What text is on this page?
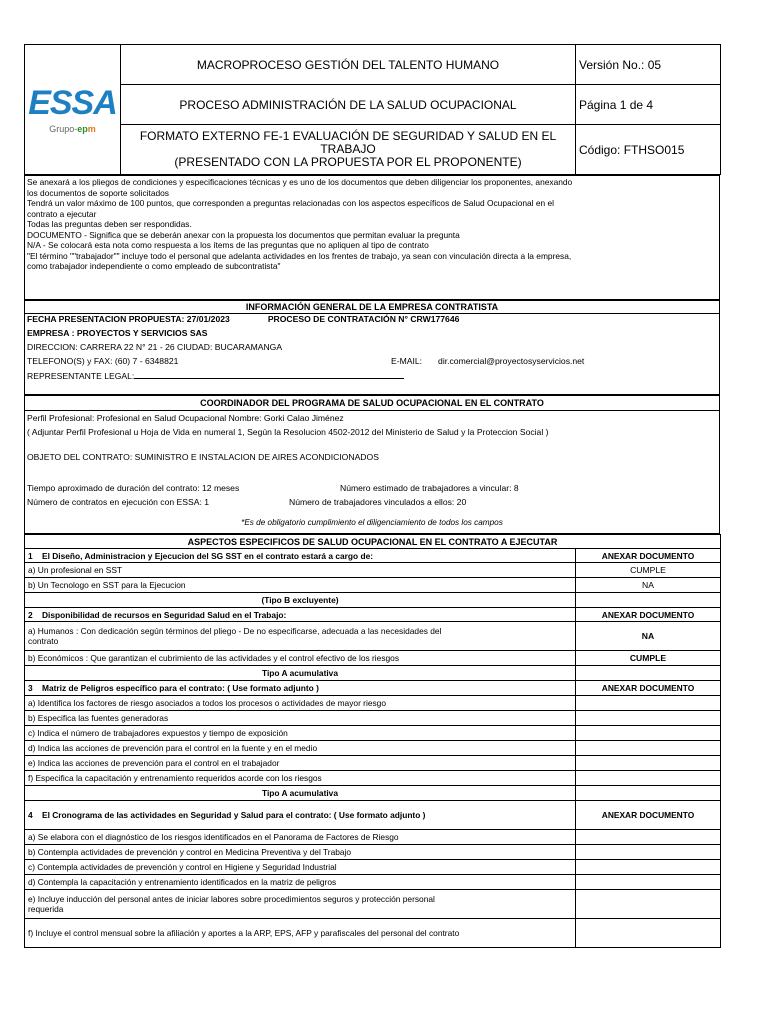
ESSA
Grupo-epm	MACROPROCESO GESTIÓN DEL TALENTO HUMANO	Versión No.: 05
	PROCESO ADMINISTRACIÓN DE LA SALUD OCUPACIONAL	Página 1 de 4

	FORMATO EXTERNO FE-1 EVALUACIÓN DE SEGURIDAD Y SALUD EN EL
TRABAJO
(PRESENTADO CON LA PROPUESTA POR EL PROPONENTE)	Código: FTHSO015
Se anexará a los pliegos de condiciones y especificaciones técnicas y es uno de los documentos que deben diligenciar los proponentes, anexando
los documentos de soporte solicitados
Tendrá un valor máximo de 100 puntos, que corresponden a preguntas relacionadas con los aspectos específicos de Salud Ocupacional en el
contrato a ejecutar
Todas las preguntas deben ser respondidas.
DOCUMENTO - Significa que se deberán anexar con la propuesta los documentos que permitan evaluar la pregunta
N/A - Se colocará esta nota como respuesta a los ítems de las preguntas que no apliquen al tipo de contrato
"El término ""trabajador"" incluye todo el personal que adelanta actividades en los frentes de trabajo, ya sean con vinculación directa a la empresa,
como trabajador independiente o como empleado de subcontratista"
INFORMACIÓN GENERAL DE LA EMPRESA CONTRATISTA

FECHA PRESENTACION PROPUESTA: 27/01/2023	PROCESO DE CONTRATACIÓN N° CRW177646
EMPRESA : PROYECTOS Y SERVICIOS SAS
DIRECCION: CARRERA 22 N° 21 - 26 CIUDAD: BUCARAMANGA
TELEFONO(S) y FAX: (60) 7 - 6348821	E-MAIL: dir.comercial@proyectosyservicios.net
REPRESENTANTE LEGAL:
COORDINADOR DEL PROGRAMA DE SALUD OCUPACIONAL EN EL CONTRATO

Perfil Profesional: Profesional en Salud Ocupacional Nombre: Gorki Calao Jiménez
( Adjuntar Perfil Profesional u Hoja de Vida en numeral 1, Según la Resolucion 4502-2012 del Ministerio de Salud y la Proteccion Social )
OBJETO DEL CONTRATO: SUMINISTRO E INSTALACION DE AIRES ACONDICIONADOS
Tiempo aproximado de duración del contrato: 12 meses	Número estimado de trabajadores a vincular: 8
Número de contratos en ejecución con ESSA: 1	Número de trabajadores vinculados a ellos: 20
*Es de obligatorio cumplimiento el diligenciamiento de todos los campos
ASPECTOS ESPECIFICOS DE SALUD OCUPACIONAL EN EL CONTRATO A EJECUTAR	
1 El Diseño, Administracion y Ejecucion del SG SST en el contrato estará a cargo de:	ANEXAR DOCUMENTO
a) Un profesional en SST	CUMPLE
b) Un Tecnologo en SST para la Ejecucion	NA
(Tipo B excluyente)	
2 Disponibilidad de recursos en Seguridad Salud en el Trabajo:	ANEXAR DOCUMENTO

a) Humanos : Con dedicación según términos del pliego - De no especificarse, adecuada a las necesidades del
contrato	NA
b) Económicos : Que garantizan el cubrimiento de las actividades y el control efectivo de los riesgos	CUMPLE
Tipo A acumulativa	
3 Matriz de Peligros específico para el contrato: ( Use formato adjunto )	ANEXAR DOCUMENTO
a) Identifica los factores de riesgo asociados a todos los procesos o actividades de mayor riesgo	
b) Especifica las fuentes generadoras	
c) Indica el número de trabajadores expuestos y tiempo de exposición	
d) Indica las acciones de prevención para el control en la fuente y en el medio	
e) Indica las acciones de prevención para el control en el trabajador	
f) Especifica la capacitación y entrenamiento requeridos acorde con los riesgos	
Tipo A acumulativa	
4 El Cronograma de las actividades en Seguridad y Salud para el contrato: ( Use formato adjunto )	ANEXAR DOCUMENTO
a) Se elabora con el diagnóstico de los riesgos identificados en el Panorama de Factores de Riesgo	
b) Contempla actividades de prevención y control en Medicina Preventiva y del Trabajo	
c) Contempla actividades de prevención y control en Higiene y Seguridad Industrial	
d) Contempla la capacitación y entrenamiento identificados en la matriz de peligros	

e) Incluye inducción del personal antes de iniciar labores sobre procedimientos seguros y protección personal
requerida	

f) Incluye el control mensual sobre la afiliación y aportes a la ARP, EPS, AFP y parafiscales del personal del contrato	
